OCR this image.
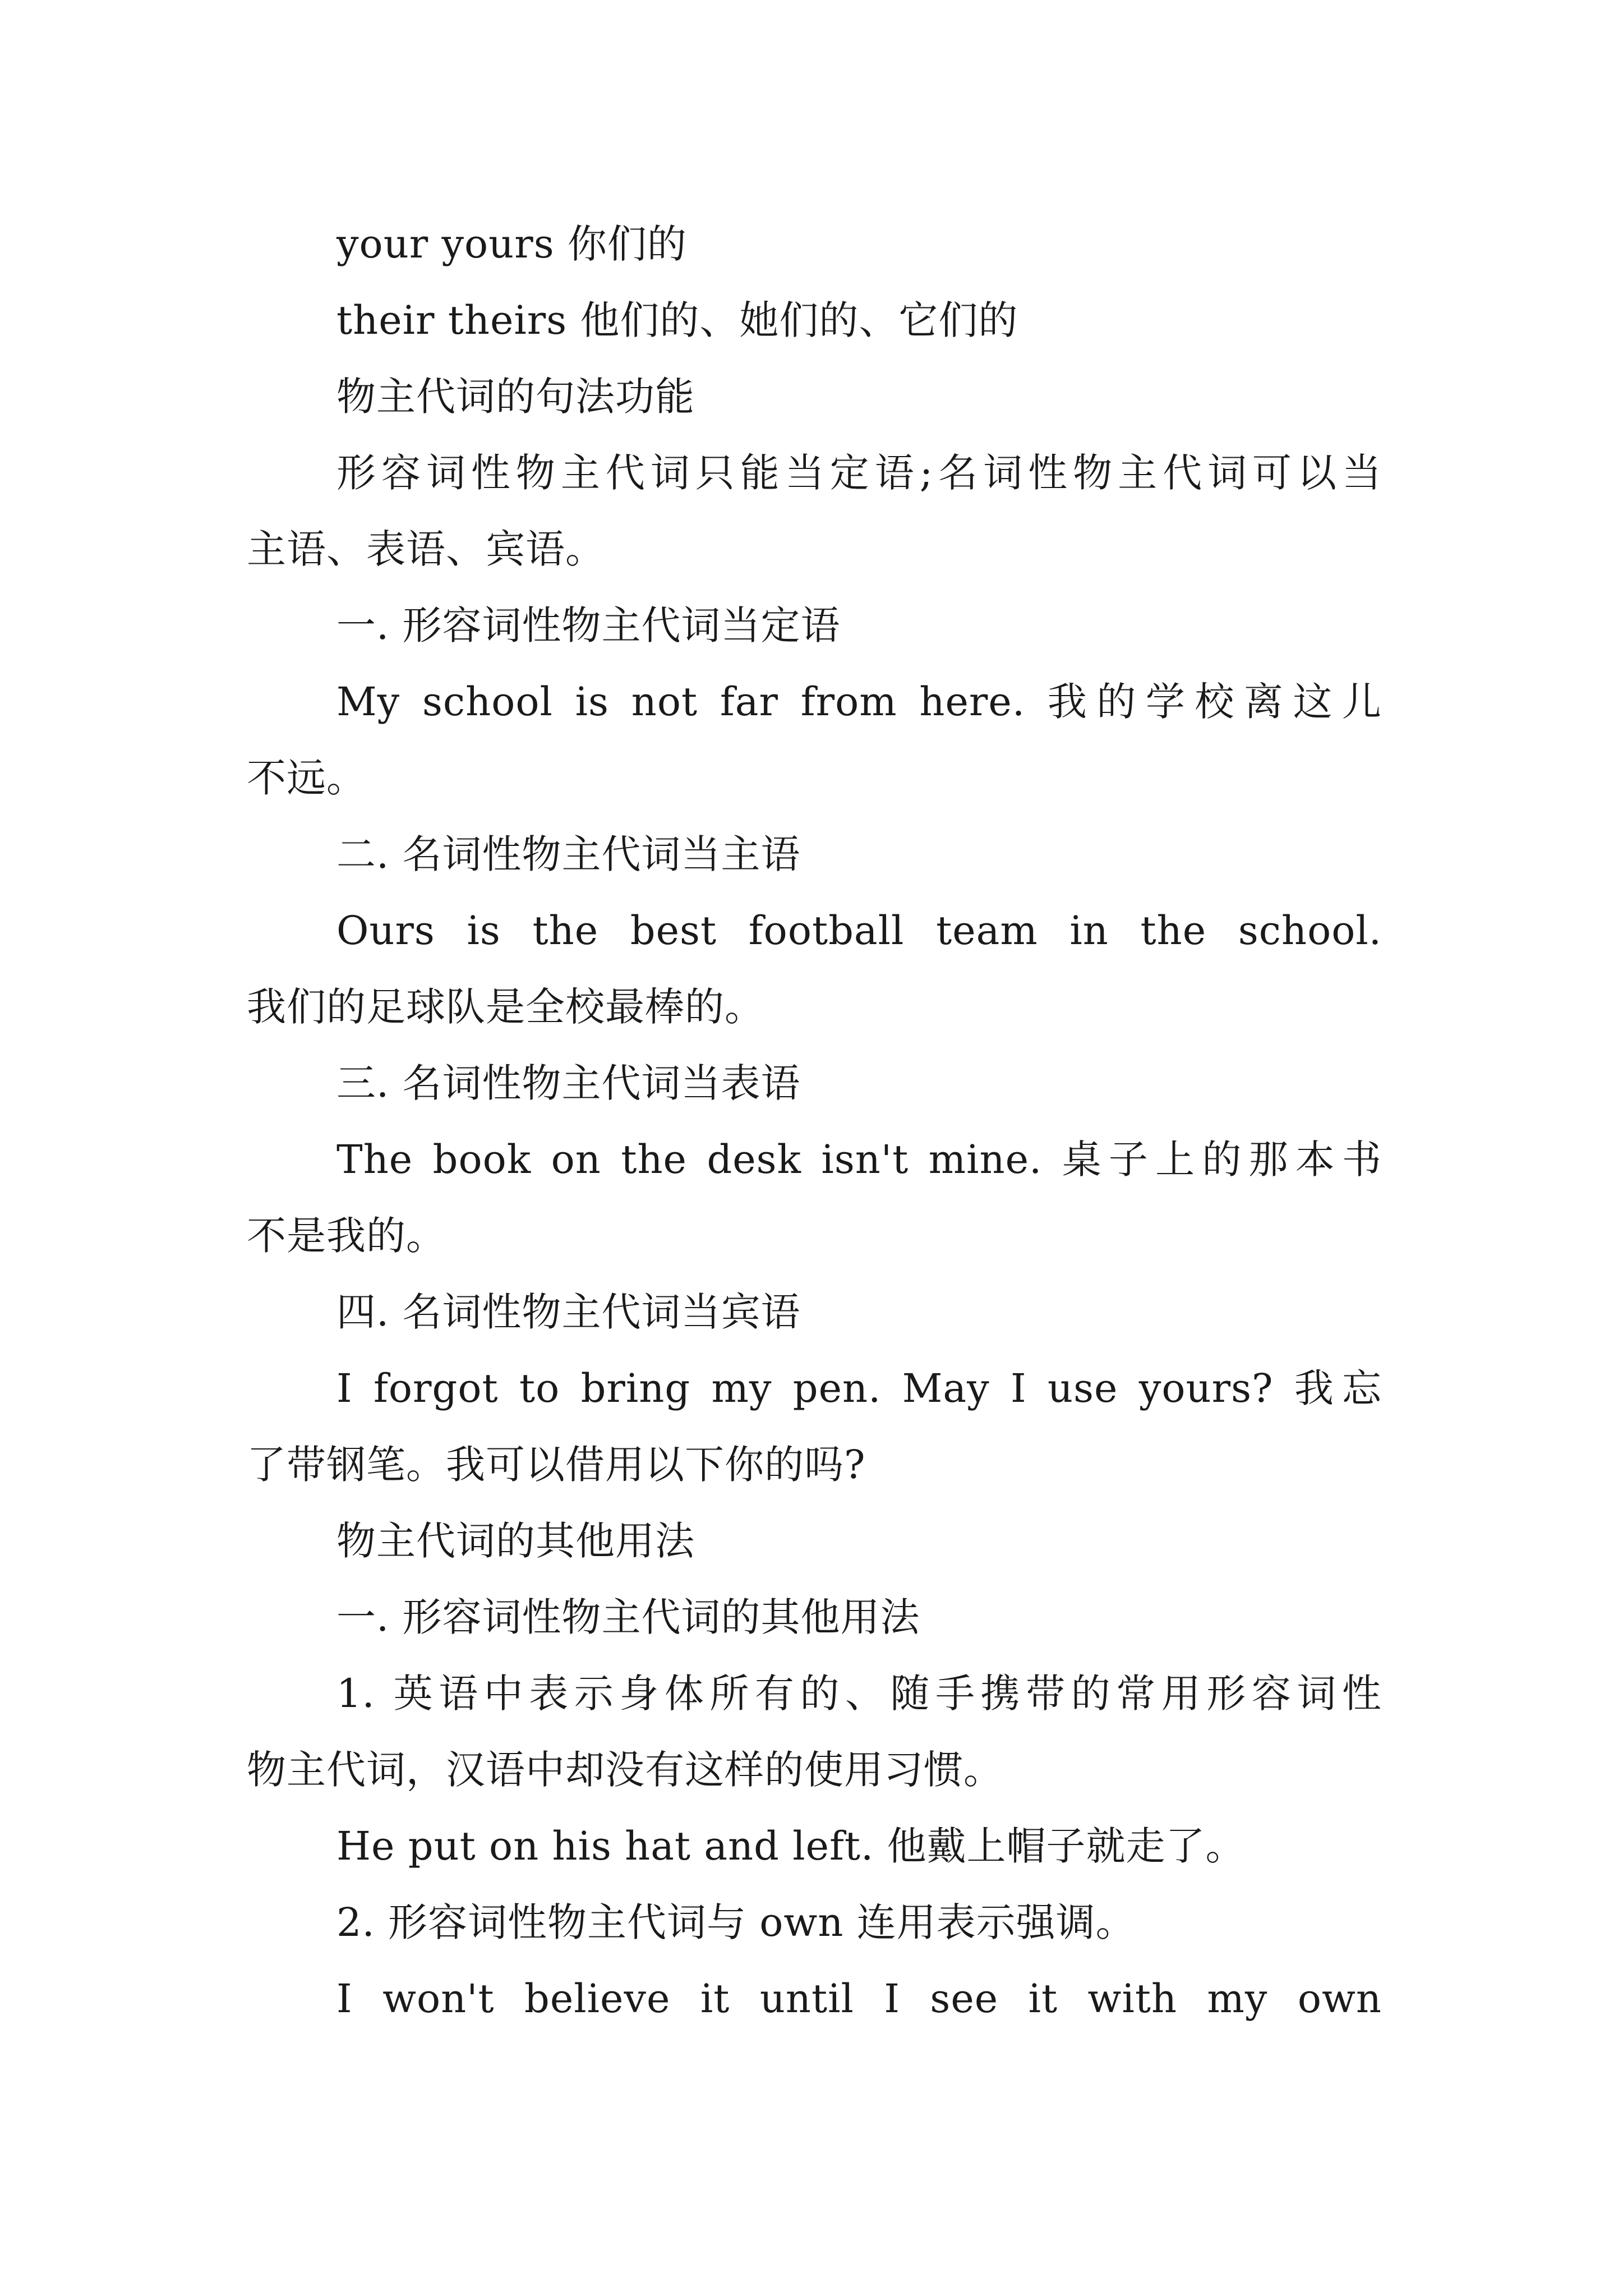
your yours 你们的
their theirs 他们的、她们的、它们的
物主代词的句法功能
形容词性物主代词只能当定语;名词性物主代词可以当
主语、表语、宾语。
一. 形容词性物主代词当定语
My school is not far from here. 我的学校离这儿
不远。
二. 名词性物主代词当主语
Ours is the best football team in the school.
我们的足球队是全校最棒的。
三. 名词性物主代词当表语
The book on the desk isn't mine. 桌子上的那本书
不是我的。
四. 名词性物主代词当宾语
I forgot to bring my pen. May I use yours? 我忘
了带钢笔。我可以借用以下你的吗?
物主代词的其他用法
一. 形容词性物主代词的其他用法
1. 英语中表示身体所有的、随手携带的常用形容词性
物主代词，汉语中却没有这样的使用习惯。
He put on his hat and left. 他戴上帽子就走了。
2. 形容词性物主代词与 own 连用表示强调。
I won't believe it until I see it with my own
